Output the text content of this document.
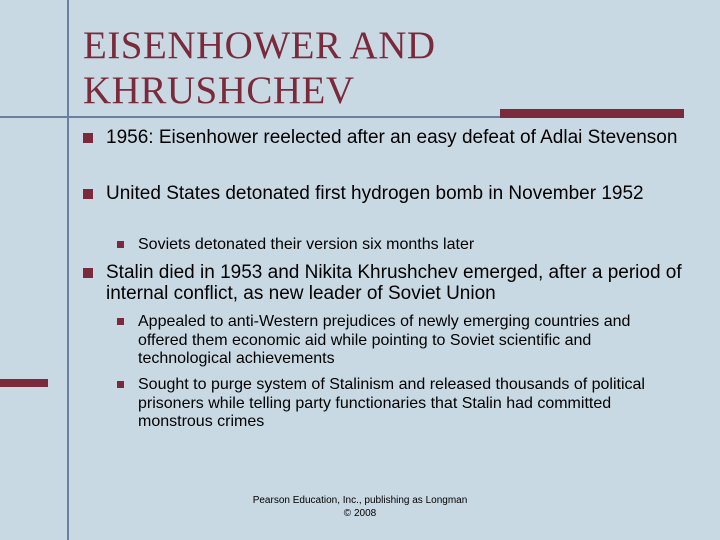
EISENHOWER AND
KHRUSHCHEV
1956: Eisenhower reelected after an easy defeat of Adlai Stevenson
United States detonated first hydrogen bomb in November 1952
Soviets detonated their version six months later
Stalin died in 1953 and Nikita Khrushchev emerged, after a period of internal conflict, as new leader of Soviet Union
Appealed to anti-Western prejudices of newly emerging countries and offered them economic aid while pointing to Soviet scientific and technological achievements
Sought to purge system of Stalinism and released thousands of political prisoners while telling party functionaries that Stalin had committed monstrous crimes
Pearson Education, Inc., publishing as Longman
© 2008
